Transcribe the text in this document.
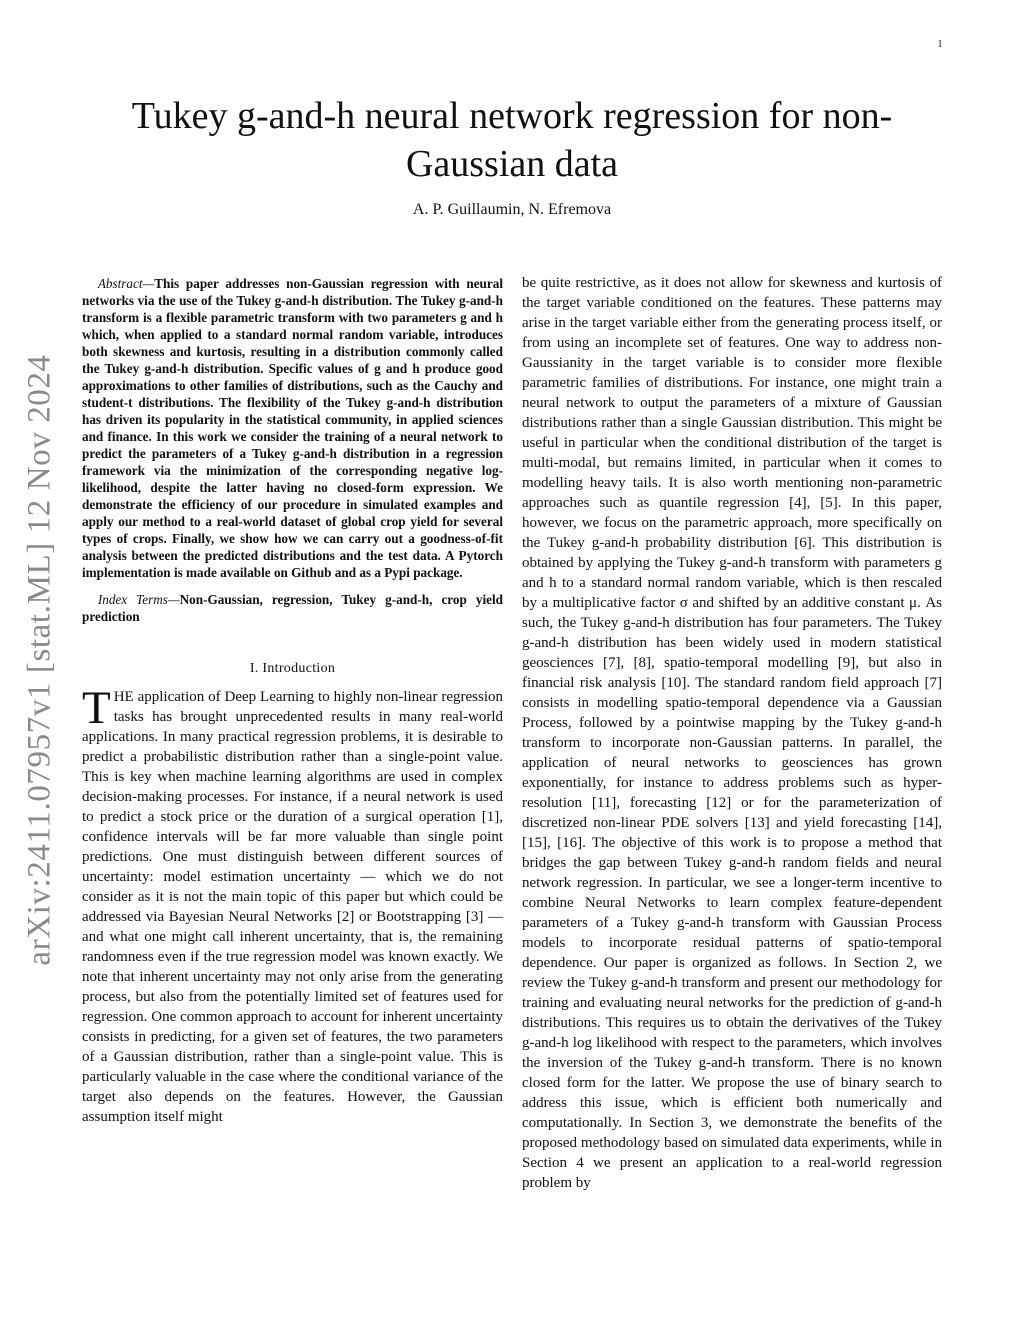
1
arXiv:2411.07957v1 [stat.ML] 12 Nov 2024
Tukey g-and-h neural network regression for non-Gaussian data
A. P. Guillaumin, N. Efremova

Abstract—This paper addresses non-Gaussian regression with neural networks via the use of the Tukey g-and-h distribution. The Tukey g-and-h transform is a flexible parametric transform with two parameters g and h which, when applied to a standard normal random variable, introduces both skewness and kurtosis, resulting in a distribution commonly called the Tukey g-and-h distribution. Specific values of g and h produce good approximations to other families of distributions, such as the Cauchy and student-t distributions. The flexibility of the Tukey g-and-h distribution has driven its popularity in the statistical community, in applied sciences and finance. In this work we consider the training of a neural network to predict the parameters of a Tukey g-and-h distribution in a regression framework via the minimization of the corresponding negative log-likelihood, despite the latter having no closed-form expression. We demonstrate the efficiency of our procedure in simulated examples and apply our method to a real-world dataset of global crop yield for several types of crops. Finally, we show how we can carry out a goodness-of-fit analysis between the predicted distributions and the test data. A Pytorch implementation is made available on Github and as a Pypi package.

Index Terms—Non-Gaussian, regression, Tukey g-and-h, crop yield prediction

I. Introduction

THE application of Deep Learning to highly non-linear regression tasks has brought unprecedented results in many real-world applications. In many practical regression problems, it is desirable to predict a probabilistic distribution rather than a single-point value. This is key when machine learning algorithms are used in complex decision-making processes. For instance, if a neural network is used to predict a stock price or the duration of a surgical operation [1], confidence intervals will be far more valuable than single point predictions. One must distinguish between different sources of uncertainty: model estimation uncertainty — which we do not consider as it is not the main topic of this paper but which could be addressed via Bayesian Neural Networks [2] or Bootstrapping [3] — and what one might call inherent uncertainty, that is, the remaining randomness even if the true regression model was known exactly. We note that inherent uncertainty may not only arise from the generating process, but also from the potentially limited set of features used for regression. One common approach to account for inherent uncertainty consists in predicting, for a given set of features, the two parameters of a Gaussian distribution, rather than a single-point value. This is particularly valuable in the case where the conditional variance of the target also depends on the features. However, the Gaussian assumption itself might

be quite restrictive, as it does not allow for skewness and kurtosis of the target variable conditioned on the features. These patterns may arise in the target variable either from the generating process itself, or from using an incomplete set of features. One way to address non-Gaussianity in the target variable is to consider more flexible parametric families of distributions. For instance, one might train a neural network to output the parameters of a mixture of Gaussian distributions rather than a single Gaussian distribution. This might be useful in particular when the conditional distribution of the target is multi-modal, but remains limited, in particular when it comes to modelling heavy tails. It is also worth mentioning non-parametric approaches such as quantile regression [4], [5]. In this paper, however, we focus on the parametric approach, more specifically on the Tukey g-and-h probability distribution [6]. This distribution is obtained by applying the Tukey g-and-h transform with parameters g and h to a standard normal random variable, which is then rescaled by a multiplicative factor σ and shifted by an additive constant μ. As such, the Tukey g-and-h distribution has four parameters. The Tukey g-and-h distribution has been widely used in modern statistical geosciences [7], [8], spatio-temporal modelling [9], but also in financial risk analysis [10]. The standard random field approach [7] consists in modelling spatio-temporal dependence via a Gaussian Process, followed by a pointwise mapping by the Tukey g-and-h transform to incorporate non-Gaussian patterns. In parallel, the application of neural networks to geosciences has grown exponentially, for instance to address problems such as hyper-resolution [11], forecasting [12] or for the parameterization of discretized non-linear PDE solvers [13] and yield forecasting [14], [15], [16]. The objective of this work is to propose a method that bridges the gap between Tukey g-and-h random fields and neural network regression. In particular, we see a longer-term incentive to combine Neural Networks to learn complex feature-dependent parameters of a Tukey g-and-h transform with Gaussian Process models to incorporate residual patterns of spatio-temporal dependence. Our paper is organized as follows. In Section 2, we review the Tukey g-and-h transform and present our methodology for training and evaluating neural networks for the prediction of g-and-h distributions. This requires us to obtain the derivatives of the Tukey g-and-h log likelihood with respect to the parameters, which involves the inversion of the Tukey g-and-h transform. There is no known closed form for the latter. We propose the use of binary search to address this issue, which is efficient both numerically and computationally. In Section 3, we demonstrate the benefits of the proposed methodology based on simulated data experiments, while in Section 4 we present an application to a real-world regression problem by
